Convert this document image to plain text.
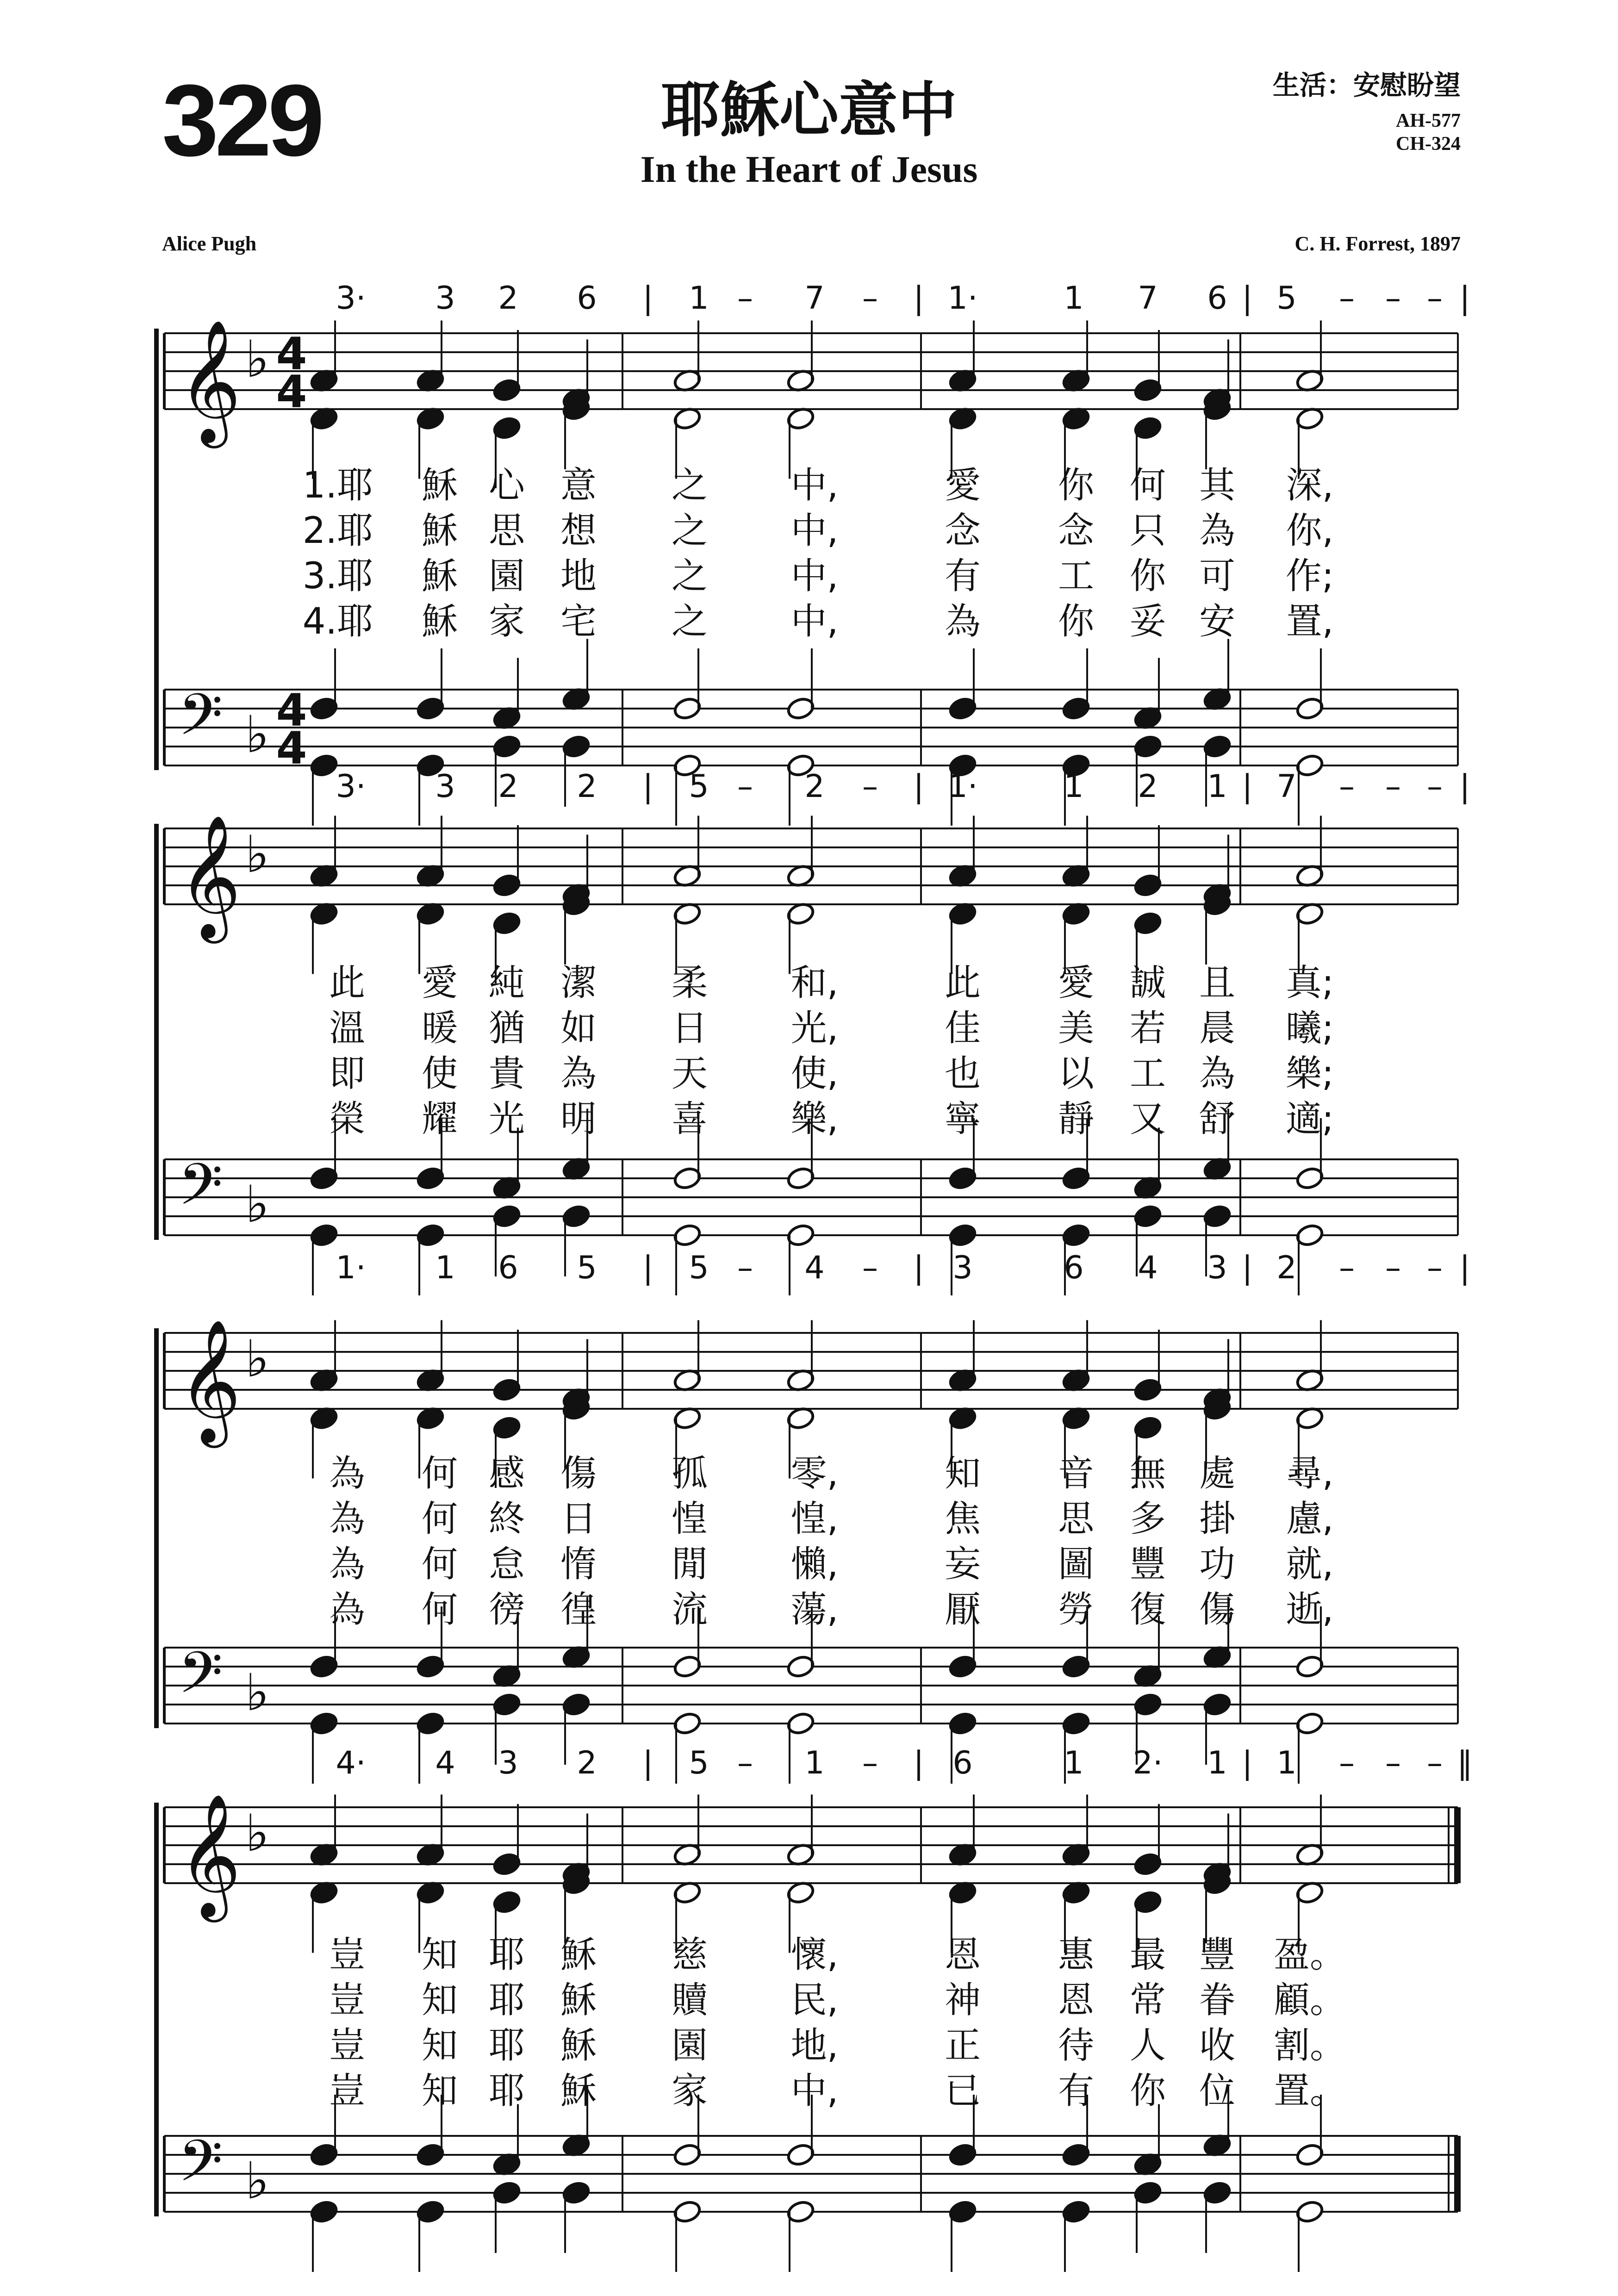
329	耶穌心意中
In the Heart of Jesus
生活：安慰盼望
AH-577
CH-324
Alice Pugh	C. H. Forrest, 1897
𝄞 ♭
𝄢 ♭
4
4
4
4
𝄞 ♭
𝄢 ♭
𝄞 ♭
𝄢 ♭
𝄞 ♭
𝄢 ♭
3· 3 2 6 | 1 – 7 – | 1·	1 7 6 | 5 – – – |
1.耶 穌 心 意 之 中,	愛 你 何 其 深,
2.耶 穌 思 想 之 中,	念 念 只 為 你,
3.耶 穌 園 地 之 中,	有 工 你 可 作;
4.耶 穌 家 宅 之 中,	為 你 妥 安 置,
3· 3 2 2 | 5 – 2 – | 1·	1 2 1 | 7 – – – |
此 愛 純 潔 柔 和,	此 愛 誠 且 真;
溫 暖 猶 如 日 光,	佳 美 若 晨 曦;
即 使 貴 為 天 使,	也 以 工 為 樂;
榮 耀 光 明 喜 樂,	寧 靜 又 舒 適;
1· 1 6 5 | 5 – 4 – | 3	6 4 3 | 2 – – – |
為 何 感 傷 孤 零,	知 音 無 處 尋,
為 何 終 日 惶 惶,	焦 思 多 掛 慮,
為 何 怠 惰 閒 懶,	妄 圖 豐 功 就,
為 何 徬 徨 流 蕩,	厭 勞 復 傷 逝,
4· 4 3 2 | 5 – 1 – | 6	1 2· 1 | 1 – – – ‖
豈 知 耶 穌 慈 懷,	恩 惠 最 豐 盈。
豈 知 耶 穌 贖 民,	神 恩 常 眷 顧。
豈 知 耶 穌 園 地,	正 待 人 收 割。
豈 知 耶 穌 家 中,	已 有 你 位 置。
